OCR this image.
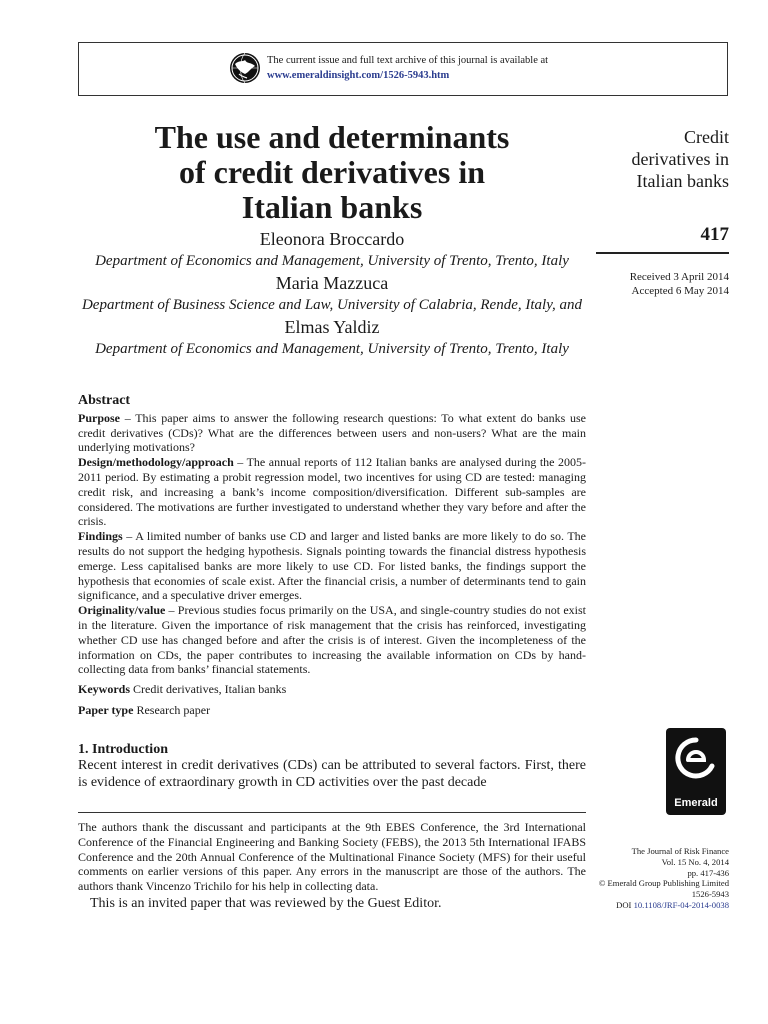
The current issue and full text archive of this journal is available at
www.emeraldinsight.com/1526-5943.htm
The use and determinants
of credit derivatives in
Italian banks
Eleonora Broccardo
Department of Economics and Management, University of Trento, Trento, Italy
Maria Mazzuca
Department of Business Science and Law, University of Calabria, Rende, Italy, and
Elmas Yaldiz
Department of Economics and Management, University of Trento, Trento, Italy
Credit
derivatives in
Italian banks
417
Received 3 April 2014
Accepted 6 May 2014
Abstract

Purpose – This paper aims to answer the following research questions: To what extent do banks use credit derivatives (CDs)? What are the differences between users and non-users? What are the main underlying motivations?

Design/methodology/approach – The annual reports of 112 Italian banks are analysed during the 2005-2011 period. By estimating a probit regression model, two incentives for using CD are tested: managing credit risk, and increasing a bank’s income composition/diversification. Different sub-samples are considered. The motivations are further investigated to understand whether they vary before and after the crisis.

Findings – A limited number of banks use CD and larger and listed banks are more likely to do so. The results do not support the hedging hypothesis. Signals pointing towards the financial distress hypothesis emerge. Less capitalised banks are more likely to use CD. For listed banks, the findings support the hypothesis that economies of scale exist. After the financial crisis, a number of determinants tend to gain significance, and a speculative driver emerges.

Originality/value – Previous studies focus primarily on the USA, and single-country studies do not exist in the literature. Given the importance of risk management that the crisis has reinforced, investigating whether CD use has changed before and after the crisis is of interest. Given the incompleteness of the information on CDs, the paper contributes to increasing the available information on CDs by hand-collecting data from banks’ financial statements.

Keywords Credit derivatives, Italian banks

Paper type Research paper

1. Introduction

Recent interest in credit derivatives (CDs) can be attributed to several factors. First, there is evidence of extraordinary growth in CD activities over the past decade

The authors thank the discussant and participants at the 9th EBES Conference, the 3rd International Conference of the Financial Engineering and Banking Society (FEBS), the 2013 5th International IFABS Conference and the 20th Annual Conference of the Multinational Finance Society (MFS) for their useful comments on earlier versions of this paper. Any errors in the manuscript are those of the authors. The authors thank Vincenzo Trichilo for his help in collecting data.

This is an invited paper that was reviewed by the Guest Editor.

Emerald
The Journal of Risk Finance
Vol. 15 No. 4, 2014
pp. 417-436
© Emerald Group Publishing Limited
1526-5943
DOI 10.1108/JRF-04-2014-0038
